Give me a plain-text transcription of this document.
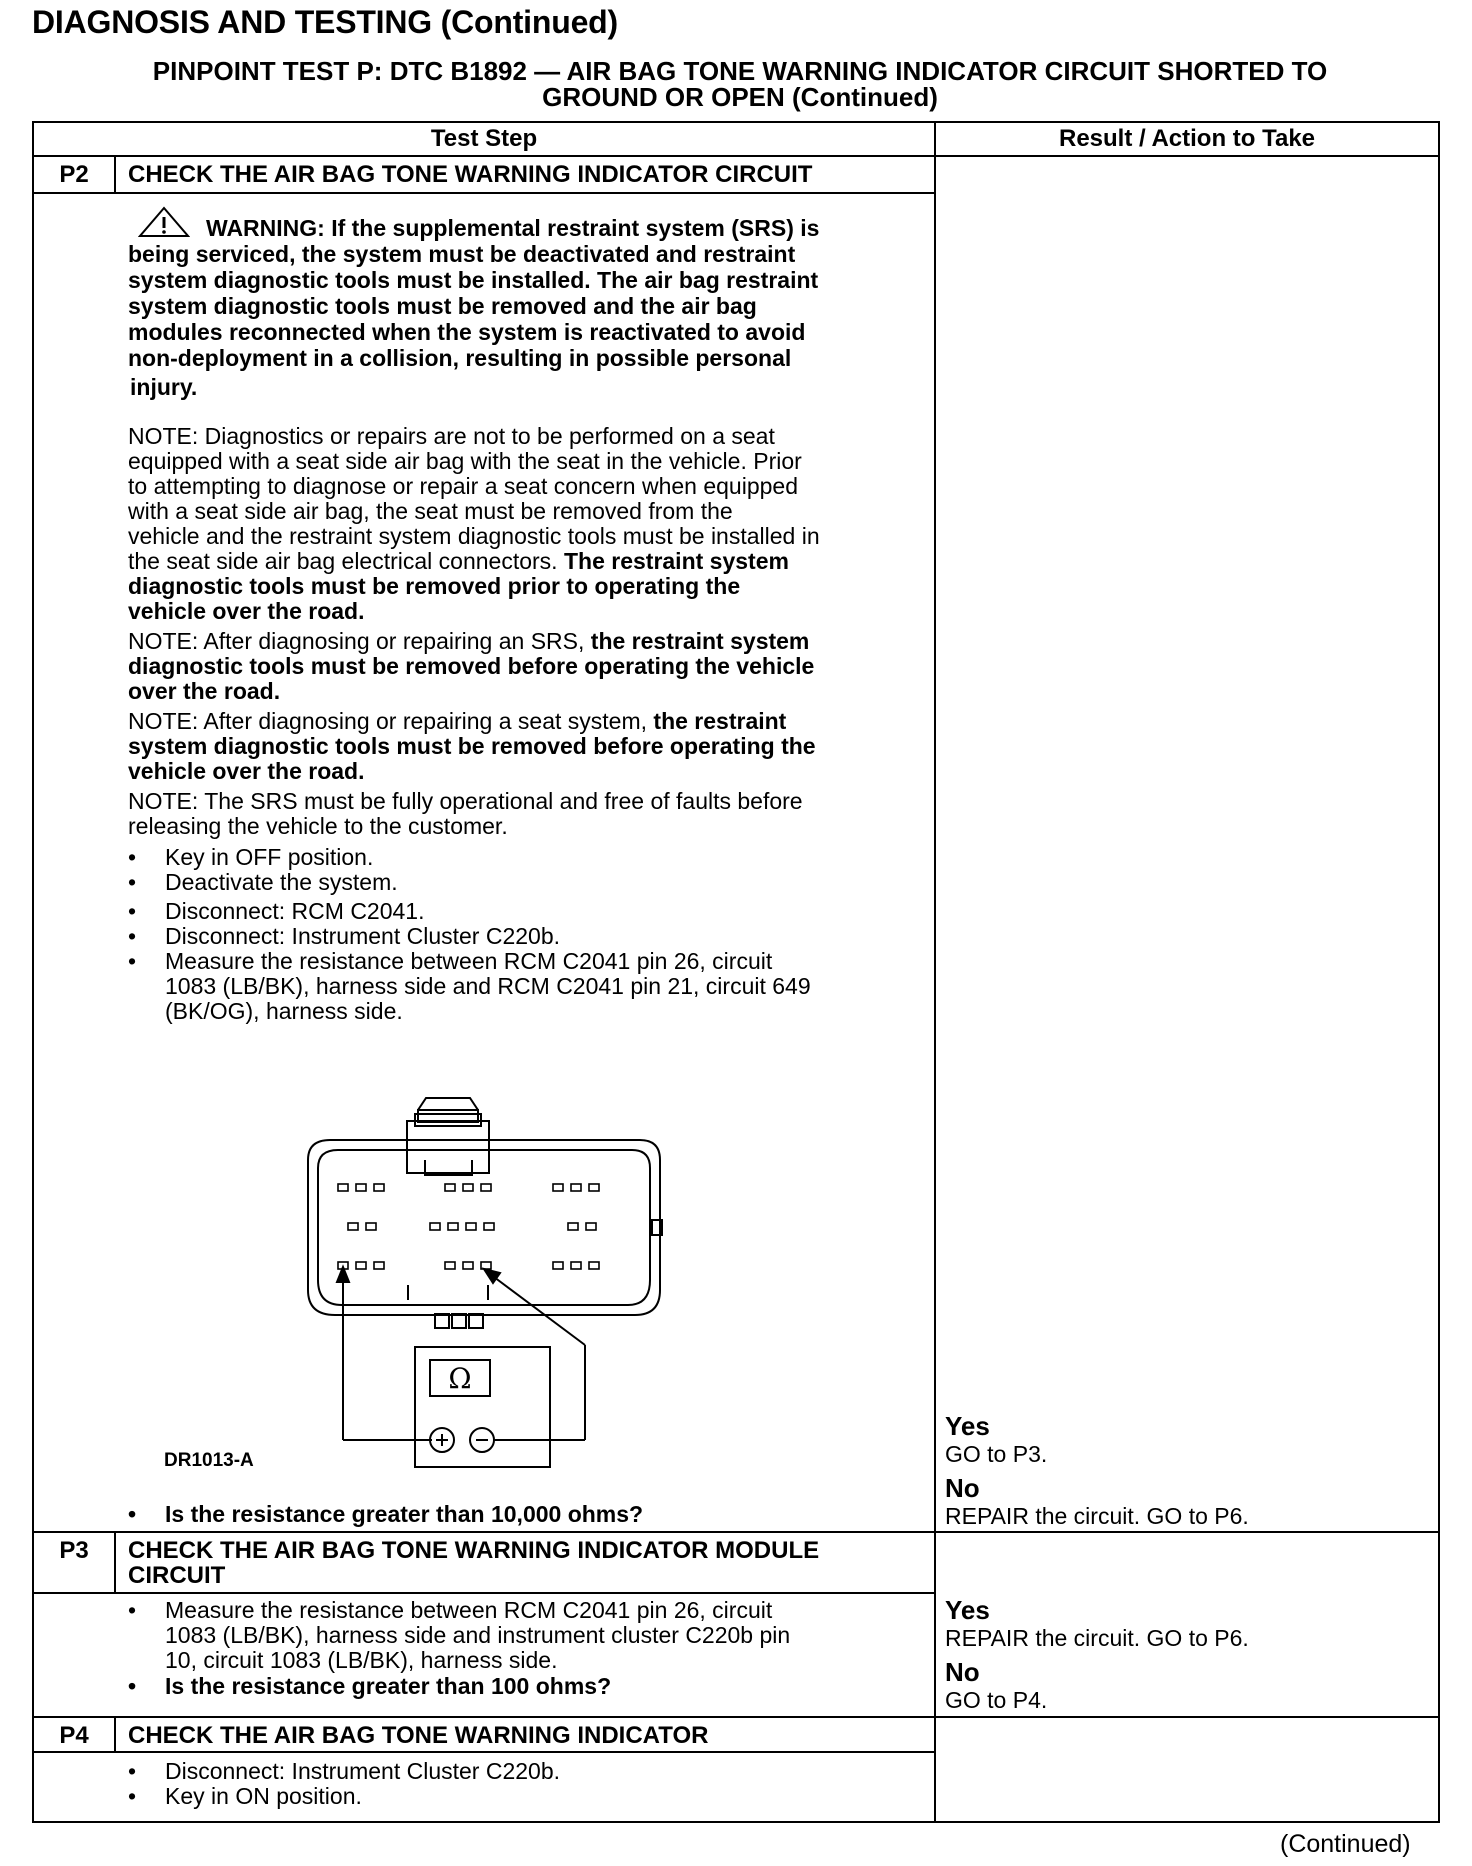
DIAGNOSIS AND TESTING (Continued)
PINPOINT TEST P: DTC B1892 — AIR BAG TONE WARNING INDICATOR CIRCUIT SHORTED TO
GROUND OR OPEN (Continued)
Test Step	Result / Action to Take
P2	CHECK THE AIR BAG TONE WARNING INDICATOR CIRCUIT
WARNING: If the supplemental restraint system (SRS) is
being serviced, the system must be deactivated and restraint
system diagnostic tools must be installed. The air bag restraint
system diagnostic tools must be removed and the air bag
modules reconnected when the system is reactivated to avoid
non-deployment in a collision, resulting in possible personal
injury.
NOTE: Diagnostics or repairs are not to be performed on a seat
equipped with a seat side air bag with the seat in the vehicle. Prior
to attempting to diagnose or repair a seat concern when equipped
with a seat side air bag, the seat must be removed from the
vehicle and the restraint system diagnostic tools must be installed in
the seat side air bag electrical connectors. The restraint system
diagnostic tools must be removed prior to operating the
vehicle over the road.
NOTE: After diagnosing or repairing an SRS, the restraint system
diagnostic tools must be removed before operating the vehicle
over the road.
NOTE: After diagnosing or repairing a seat system, the restraint
system diagnostic tools must be removed before operating the
vehicle over the road.
NOTE: The SRS must be fully operational and free of faults before
releasing the vehicle to the customer.
• Key in OFF position.
• Deactivate the system.
• Disconnect: RCM C2041.
• Disconnect: Instrument Cluster C220b.
• Measure the resistance between RCM C2041 pin 26, circuit
1083 (LB/BK), harness side and RCM C2041 pin 21, circuit 649
(BK/OG), harness side.
Ω
DR1013-A
• Is the resistance greater than 10,000 ohms?
Yes
GO to P3.
No
REPAIR the circuit. GO to P6.
P3	CHECK THE AIR BAG TONE WARNING INDICATOR MODULE
CIRCUIT
• Measure the resistance between RCM C2041 pin 26, circuit
1083 (LB/BK), harness side and instrument cluster C220b pin
10, circuit 1083 (LB/BK), harness side.
• Is the resistance greater than 100 ohms?
Yes
REPAIR the circuit. GO to P6.
No
GO to P4.
P4	CHECK THE AIR BAG TONE WARNING INDICATOR
• Disconnect: Instrument Cluster C220b.
• Key in ON position.
(Continued)
